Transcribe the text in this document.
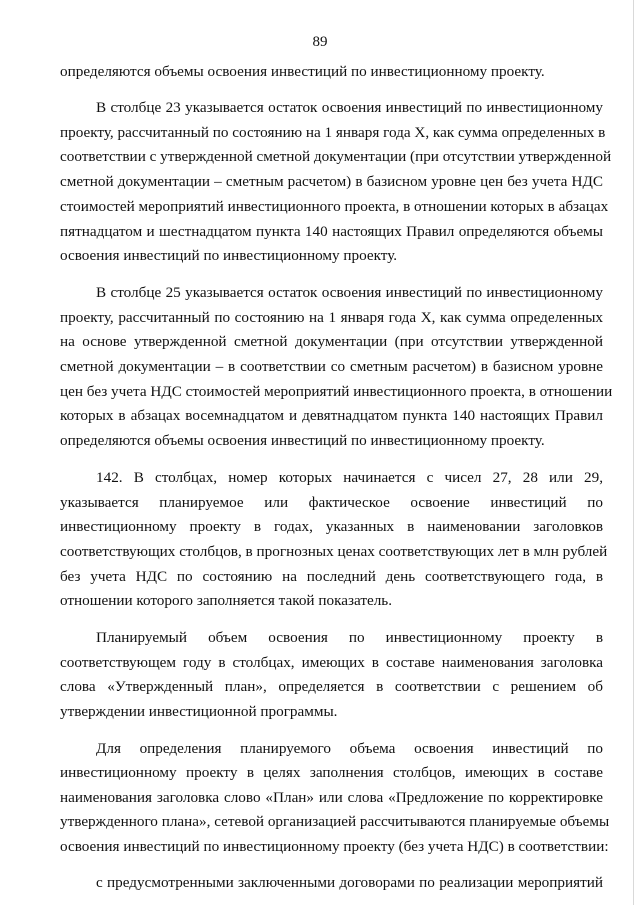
89
определяются объемы освоения инвестиций по инвестиционному проекту.
В столбце 23 указывается остаток освоения инвестиций по инвестиционному
проекту, рассчитанный по состоянию на 1 января года X, как сумма определенных в
соответствии с утвержденной сметной документации (при отсутствии утвержденной
сметной документации – сметным расчетом) в базисном уровне цен без учета НДС
стоимостей мероприятий инвестиционного проекта, в отношении которых в абзацах
пятнадцатом и шестнадцатом пункта 140 настоящих Правил определяются объемы
освоения инвестиций по инвестиционному проекту.
В столбце 25 указывается остаток освоения инвестиций по инвестиционному
проекту, рассчитанный по состоянию на 1 января года X, как сумма определенных
на основе утвержденной сметной документации (при отсутствии утвержденной
сметной документации – в соответствии со сметным расчетом) в базисном уровне
цен без учета НДС стоимостей мероприятий инвестиционного проекта, в отношении
которых в абзацах восемнадцатом и девятнадцатом пункта 140 настоящих Правил
определяются объемы освоения инвестиций по инвестиционному проекту.
142. В столбцах, номер которых начинается с чисел 27, 28 или 29,
указывается планируемое или фактическое освоение инвестиций по
инвестиционному проекту в годах, указанных в наименовании заголовков
соответствующих столбцов, в прогнозных ценах соответствующих лет в млн рублей
без учета НДС по состоянию на последний день соответствующего года, в
отношении которого заполняется такой показатель.
Планируемый объем освоения по инвестиционному проекту в
соответствующем году в столбцах, имеющих в составе наименования заголовка
слова «Утвержденный план», определяется в соответствии с решением об
утверждении инвестиционной программы.
Для определения планируемого объема освоения инвестиций по
инвестиционному проекту в целях заполнения столбцов, имеющих в составе
наименования заголовка слово «План» или слова «Предложение по корректировке
утвержденного плана», сетевой организацией рассчитываются планируемые объемы
освоения инвестиций по инвестиционному проекту (без учета НДС) в соответствии:
с предусмотренными заключенными договорами по реализации мероприятий
